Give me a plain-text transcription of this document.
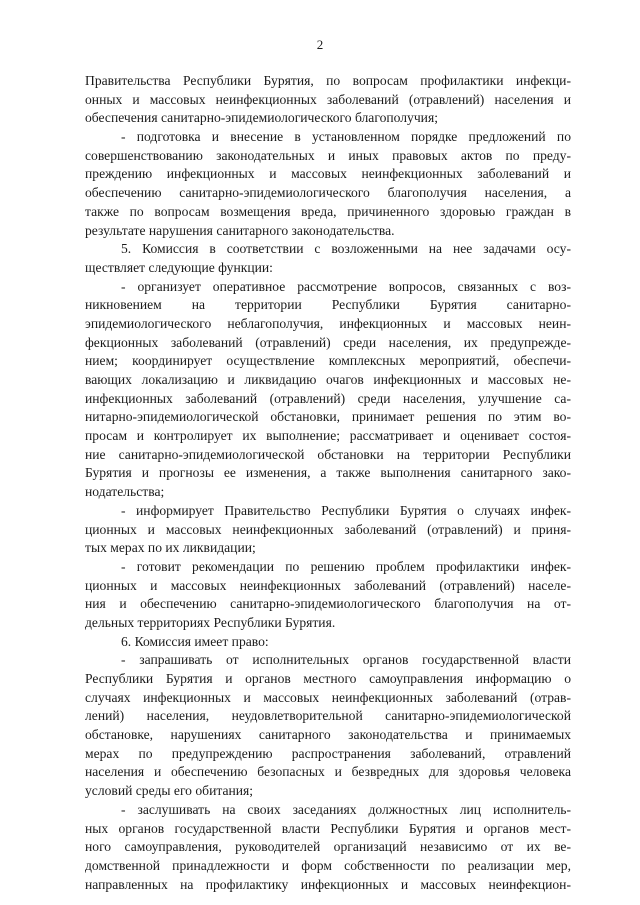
2
Правительства Республики Бурятия, по вопросам профилактики инфекци-
онных и массовых неинфекционных заболеваний (отравлений) населения и
обеспечения санитарно-эпидемиологического благополучия;
- подготовка и внесение в установленном порядке предложений по
совершенствованию законодательных и иных правовых актов по преду-
преждению инфекционных и массовых неинфекционных заболеваний и
обеспечению санитарно-эпидемиологического благополучия населения, а
также по вопросам возмещения вреда, причиненного здоровью граждан в
результате нарушения санитарного законодательства.
5. Комиссия в соответствии с возложенными на нее задачами осу-
ществляет следующие функции:
- организует оперативное рассмотрение вопросов, связанных с воз-
никновением на территории Республики Бурятия санитарно-
эпидемиологического неблагополучия, инфекционных и массовых неин-
фекционных заболеваний (отравлений) среди населения, их предупрежде-
нием; координирует осуществление комплексных мероприятий, обеспечи-
вающих локализацию и ликвидацию очагов инфекционных и массовых не-
инфекционных заболеваний (отравлений) среди населения, улучшение са-
нитарно-эпидемиологической обстановки, принимает решения по этим во-
просам и контролирует их выполнение; рассматривает и оценивает состоя-
ние санитарно-эпидемиологической обстановки на территории Республики
Бурятия и прогнозы ее изменения, а также выполнения санитарного зако-
нодательства;
- информирует Правительство Республики Бурятия о случаях инфек-
ционных и массовых неинфекционных заболеваний (отравлений) и приня-
тых мерах по их ликвидации;
- готовит рекомендации по решению проблем профилактики инфек-
ционных и массовых неинфекционных заболеваний (отравлений) населе-
ния и обеспечению санитарно-эпидемиологического благополучия на от-
дельных территориях Республики Бурятия.
6. Комиссия имеет право:
- запрашивать от исполнительных органов государственной власти
Республики Бурятия и органов местного самоуправления информацию о
случаях инфекционных и массовых неинфекционных заболеваний (отрав-
лений) населения, неудовлетворительной санитарно-эпидемиологической
обстановке, нарушениях санитарного законодательства и принимаемых
мерах по предупреждению распространения заболеваний, отравлений
населения и обеспечению безопасных и безвредных для здоровья человека
условий среды его обитания;
- заслушивать на своих заседаниях должностных лиц исполнитель-
ных органов государственной власти Республики Бурятия и органов мест-
ного самоуправления, руководителей организаций независимо от их ве-
домственной принадлежности и форм собственности по реализации мер,
направленных на профилактику инфекционных и массовых неинфекцион-
